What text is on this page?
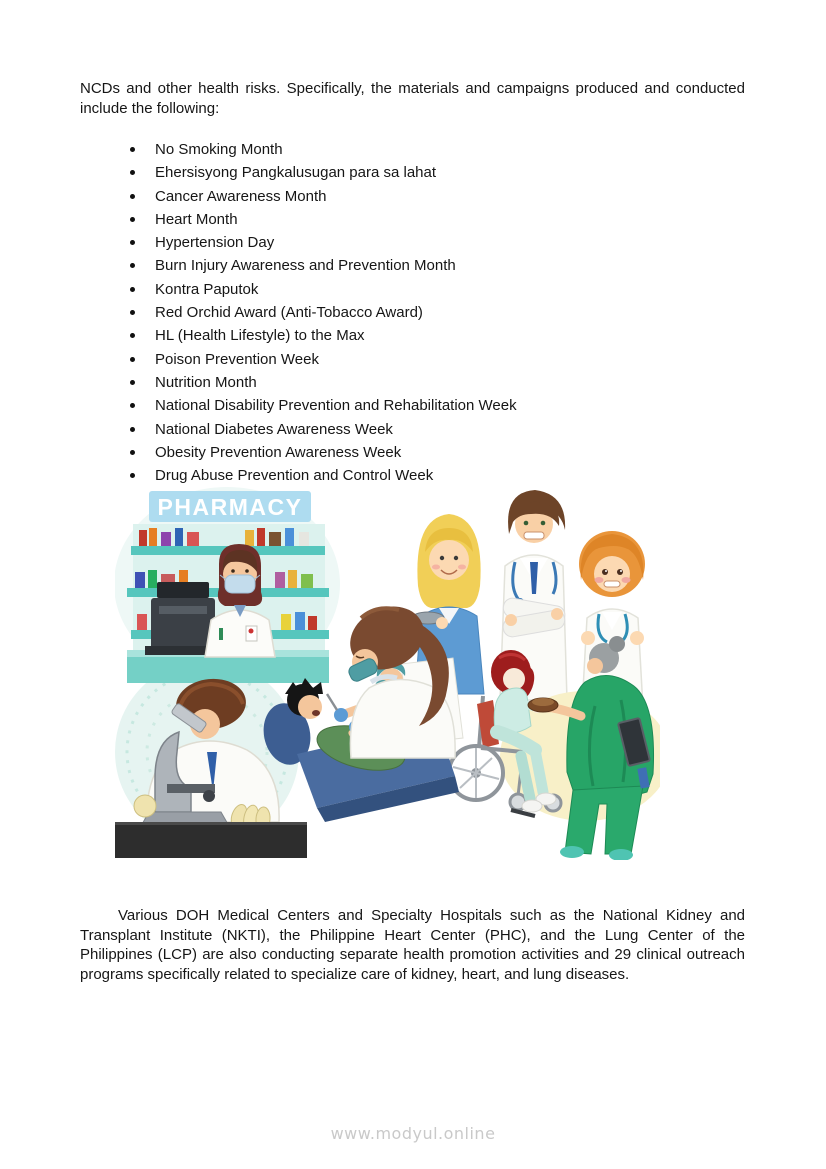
NCDs and other health risks. Specifically, the materials and campaigns produced and conducted include the following:

No Smoking Month
Ehersisyong Pangkalusugan para sa lahat
Cancer Awareness Month
Heart Month
Hypertension Day
Burn Injury Awareness and Prevention Month
Kontra Paputok
Red Orchid Award (Anti-Tobacco Award)
HL (Health Lifestyle) to the Max
Poison Prevention Week
Nutrition Month
National Disability Prevention and Rehabilitation Week
National Diabetes Awareness Week
Obesity Prevention Awareness Week
Drug Abuse Prevention and Control Week
PHARMACY

Various DOH Medical Centers and Specialty Hospitals such as the National Kidney and Transplant Institute (NKTI), the Philippine Heart Center (PHC), and the Lung Center of the Philippines (LCP) are also conducting separate health promotion activities and 29 clinical outreach programs specifically related to specialize care of kidney, heart, and lung diseases.

www.modyul.online
